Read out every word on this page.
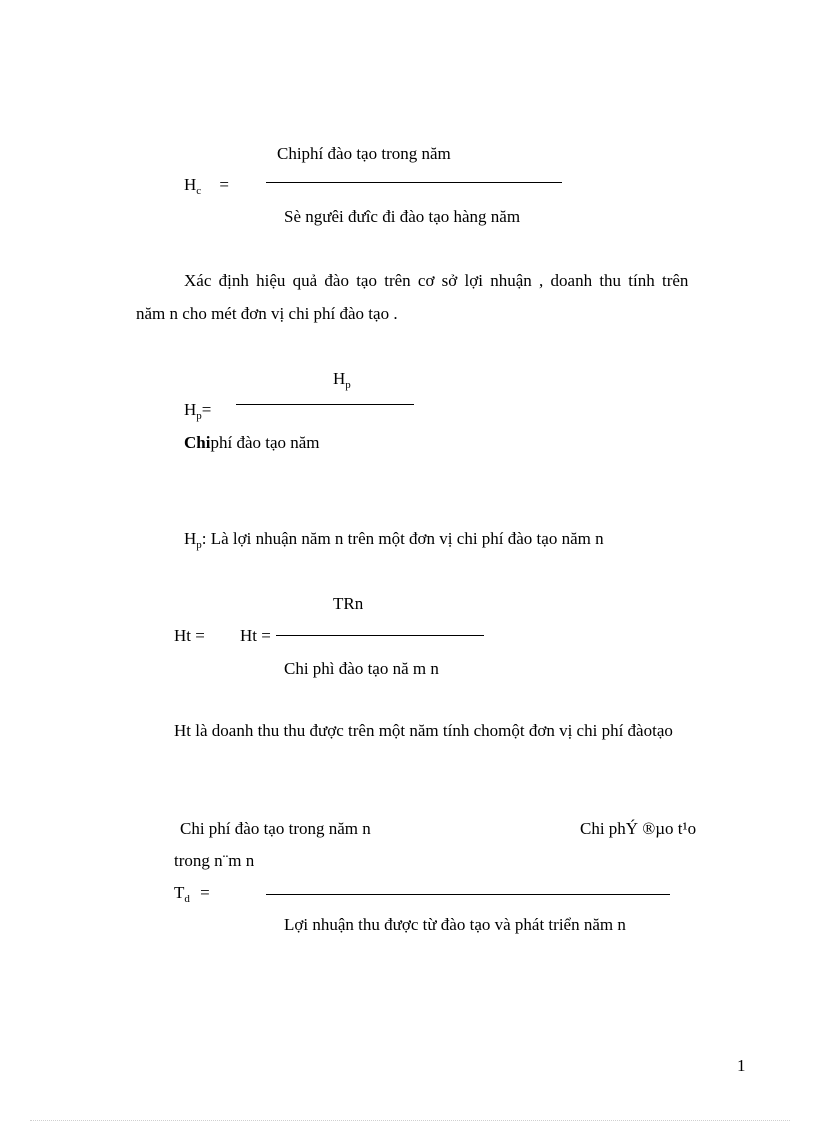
Chiphí đào tạo trong năm
$H_c$ =
Sè ngưêi đưîc đi đào tạo hàng năm
Xác định hiệu quả đào tạo trên cơ sở lợi nhuận , doanh thu tính trên
năm n cho mét đơn vị chi phí đào tạo .
$H_p$
$H_p=$
Chiphí đào tạo năm
$H_p$: Là lợi nhuận năm n trên một đơn vị chi phí đào tạo năm n
TRn
Ht = Ht =
Chi phì đào tạo nă m n
Ht là doanh thu thu được trên một năm tính chomột đơn vị chi phí đàotạo
Chi phí đào tạo trong năm n	Chi phÝ ®µo t¹o
trong n¨m n
$T_d$ =
Lợi nhuận thu được từ đào tạo và phát triển năm n
1
